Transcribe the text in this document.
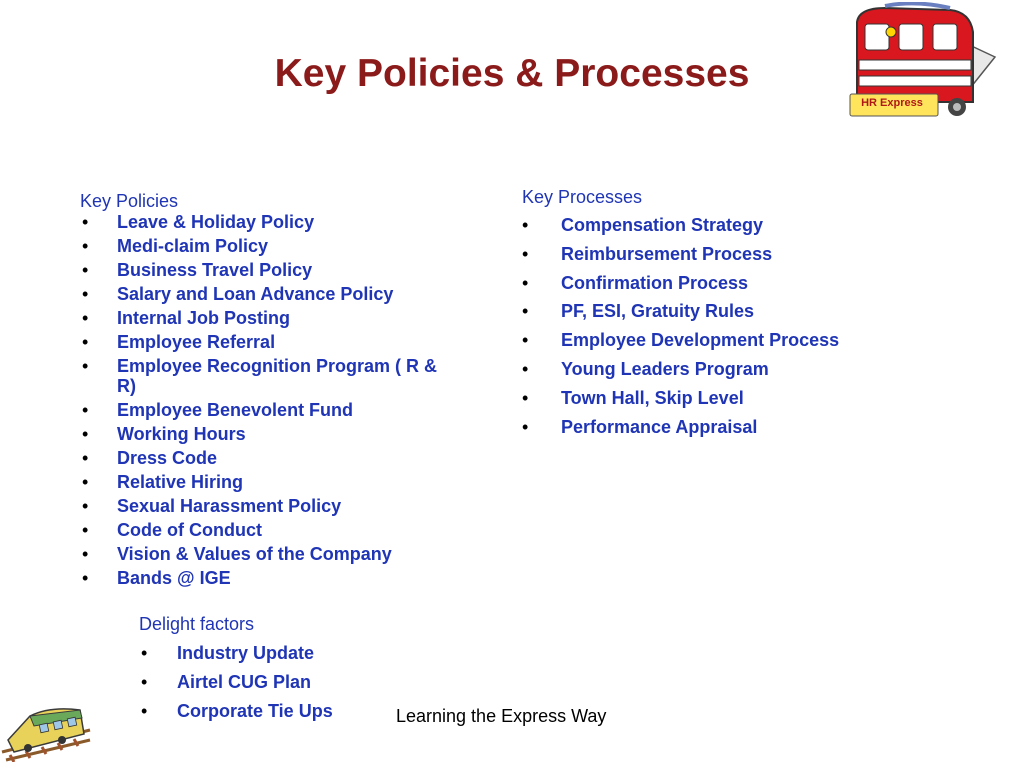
Key Policies & Processes
HR Express
Key Policies
• Leave & Holiday Policy
• Medi-claim Policy
• Business Travel Policy
• Salary and Loan Advance Policy
• Internal Job Posting
• Employee Referral
• Employee Recognition Program ( R & R)
• Employee Benevolent Fund
• Working Hours
• Dress Code
• Relative Hiring
• Sexual Harassment Policy
• Code of Conduct
• Vision & Values of the Company
• Bands @ IGE
Key Processes
• Compensation Strategy
• Reimbursement Process
• Confirmation Process
• PF, ESI, Gratuity Rules
• Employee Development Process
• Young Leaders Program
• Town Hall, Skip Level
• Performance Appraisal
Delight factors
• Industry Update
• Airtel CUG Plan
• Corporate Tie Ups	Learning the Express Way
